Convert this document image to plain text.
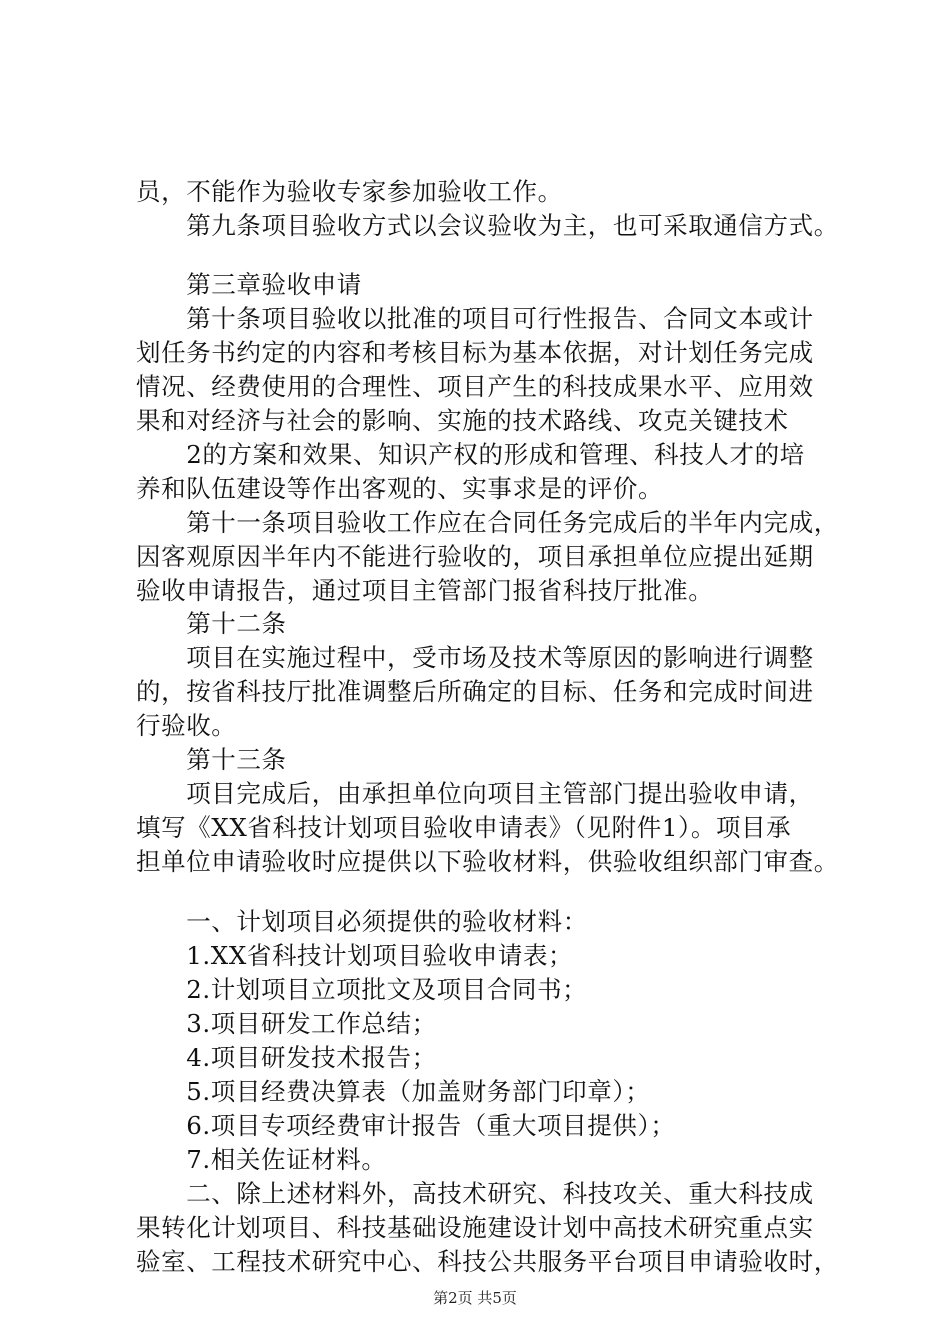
员，不能作为验收专家参加验收工作。
　　第九条项目验收方式以会议验收为主，也可采取通信方式。
　　第三章验收申请
　　第十条项目验收以批准的项目可行性报告、合同文本或计
划任务书约定的内容和考核目标为基本依据，对计划任务完成
情况、经费使用的合理性、项目产生的科技成果水平、应用效
果和对经济与社会的影响、实施的技术路线、攻克关键技术
　　2的方案和效果、知识产权的形成和管理、科技人才的培
养和队伍建设等作出客观的、实事求是的评价。
　　第十一条项目验收工作应在合同任务完成后的半年内完成，
因客观原因半年内不能进行验收的，项目承担单位应提出延期
验收申请报告，通过项目主管部门报省科技厅批准。
　　第十二条
　　项目在实施过程中，受市场及技术等原因的影响进行调整
的，按省科技厅批准调整后所确定的目标、任务和完成时间进
行验收。
　　第十三条
　　项目完成后，由承担单位向项目主管部门提出验收申请，
填写《XX省科技计划项目验收申请表》（见附件1）。项目承
担单位申请验收时应提供以下验收材料，供验收组织部门审查。
　　一、计划项目必须提供的验收材料：
　　1.XX省科技计划项目验收申请表；
　　2.计划项目立项批文及项目合同书；
　　3.项目研发工作总结；
　　4.项目研发技术报告；
　　5.项目经费决算表（加盖财务部门印章）；
　　6.项目专项经费审计报告（重大项目提供）；
　　7.相关佐证材料。
　　二、除上述材料外，高技术研究、科技攻关、重大科技成
果转化计划项目、科技基础设施建设计划中高技术研究重点实
验室、工程技术研究中心、科技公共服务平台项目申请验收时，
第2页 共5页
